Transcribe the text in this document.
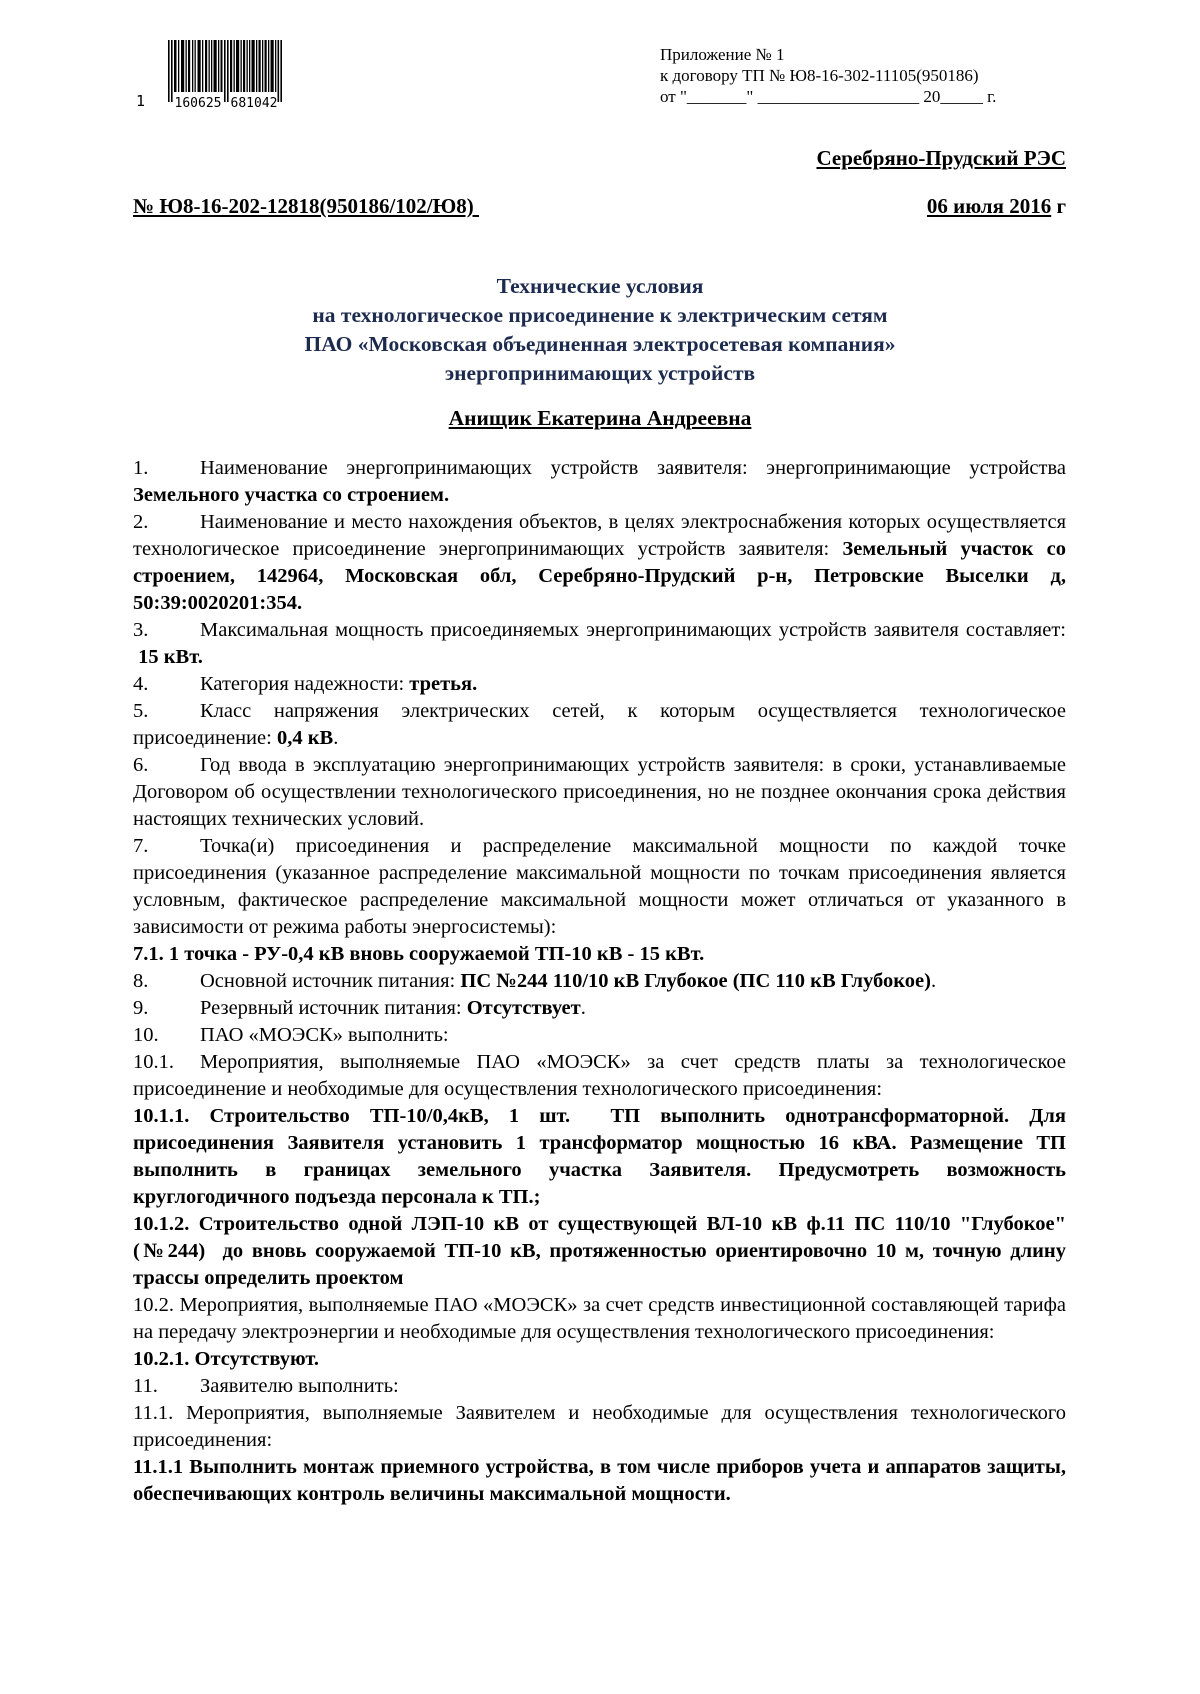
1 160625 681042
Приложение № 1
к договору ТП № Ю8-16-302-11105(950186)
от "_______" ___________________ 20_____ г.
Серебряно-Прудский РЭС
№ Ю8-16-202-12818(950186/102/Ю8)	06 июля 2016 г
Технические условия
на технологическое присоединение к электрическим сетям
ПАО «Московская объединенная электросетевая компания»
энергопринимающих устройств
Анищик Екатерина Андреевна

1.	Наименование энергопринимающих устройств заявителя: энергопринимающие устройства Земельного участка со строением.

2.	Наименование и место нахождения объектов, в целях электроснабжения которых осуществляется технологическое присоединение энергопринимающих устройств заявителя: Земельный участок со строением, 142964, Московская обл, Серебряно-Прудский р-н, Петровские Выселки д, 50:39:0020201:354.

3.	Максимальная мощность присоединяемых энергопринимающих устройств заявителя составляет:  15 кВт.

4.	Категория надежности: третья.

5.	Класс напряжения электрических сетей, к которым осуществляется технологическое присоединение: 0,4 кВ.

6.	Год ввода в эксплуатацию энергопринимающих устройств заявителя: в сроки, устанавливаемые Договором об осуществлении технологического присоединения, но не позднее окончания срока действия настоящих технических условий.

7.	Точка(и) присоединения и распределение максимальной мощности по каждой точке присоединения (указанное распределение максимальной мощности по точкам присоединения является условным, фактическое распределение максимальной мощности может отличаться от указанного в зависимости от режима работы энергосистемы):

7.1. 1 точка - РУ-0,4 кВ вновь сооружаемой ТП-10 кВ - 15 кВт.

8.	Основной источник питания: ПС №244 110/10 кВ Глубокое (ПС 110 кВ Глубокое).

9.	Резервный источник питания: Отсутствует.

10. ПАО «МОЭСК» выполнить:

10.1. Мероприятия, выполняемые ПАО «МОЭСК» за счет средств платы за технологическое присоединение и необходимые для осуществления технологического присоединения:

10.1.1. Строительство ТП-10/0,4кВ, 1 шт.  ТП выполнить однотрансформаторной. Для присоединения Заявителя установить 1 трансформатор мощностью 16 кВА. Размещение ТП выполнить в границах земельного участка Заявителя. Предусмотреть возможность круглогодичного подъезда персонала к ТП.;

10.1.2. Строительство одной ЛЭП-10 кВ от существующей ВЛ-10 кВ ф.11 ПС 110/10 "Глубокое" (№244)  до вновь сооружаемой ТП-10 кВ, протяженностью ориентировочно 10 м, точную длину трассы определить проектом

10.2. Мероприятия, выполняемые ПАО «МОЭСК» за счет средств инвестиционной составляющей тарифа на передачу электроэнергии и необходимые для осуществления технологического присоединения:

10.2.1. Отсутствуют.

11. Заявителю выполнить:

11.1. Мероприятия, выполняемые Заявителем и необходимые для осуществления технологического присоединения:

11.1.1 Выполнить монтаж приемного устройства, в том числе приборов учета и аппаратов защиты, обеспечивающих контроль величины максимальной мощности.
